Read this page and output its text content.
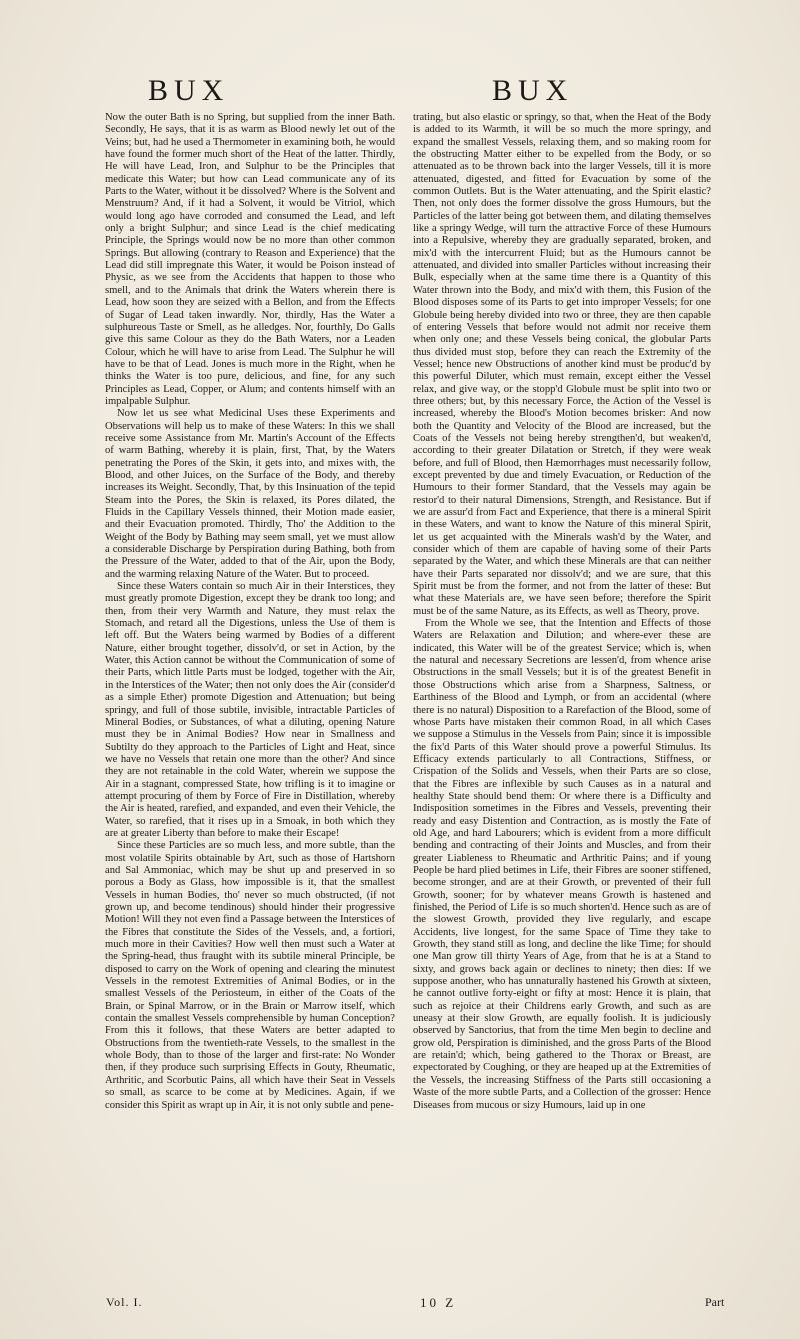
BUX	BUX

Now the outer Bath is no Spring, but supplied from the inner Bath. Secondly, He says, that it is as warm as Blood newly let out of the Veins; but, had he used a Thermometer in examining both, he would have found the former much short of the Heat of the latter. Thirdly, He will have Lead, Iron, and Sulphur to be the Principles that medicate this Water; but how can Lead communicate any of its Parts to the Water, without it be dissolved? Where is the Solvent and Menstruum? And, if it had a Solvent, it would be Vitriol, which would long ago have corroded and consumed the Lead, and left only a bright Sulphur; and since Lead is the chief medicating Principle, the Springs would now be no more than other common Springs. But allowing (contrary to Reason and Experience) that the Lead did still impregnate this Water, it would be Poison instead of Physic, as we see from the Accidents that happen to those who smell, and to the Animals that drink the Waters wherein there is Lead, how soon they are seized with a Bellon, and from the Effects of Sugar of Lead taken inwardly. Nor, thirdly, Has the Water a sulphureous Taste or Smell, as he alledges. Nor, fourthly, Do Galls give this same Colour as they do the Bath Waters, nor a Leaden Colour, which he will have to arise from Lead. The Sulphur he will have to be that of Lead. Jones is much more in the Right, when he thinks the Water is too pure, delicious, and fine, for any such Principles as Lead, Copper, or Alum; and contents himself with an impalpable Sulphur.

Now let us see what Medicinal Uses these Experiments and Observations will help us to make of these Waters: In this we shall receive some Assistance from Mr. Martin's Account of the Effects of warm Bathing, whereby it is plain, first, That, by the Waters penetrating the Pores of the Skin, it gets into, and mixes with, the Blood, and other Juices, on the Surface of the Body, and thereby increases its Weight. Secondly, That, by this Insinuation of the tepid Steam into the Pores, the Skin is relaxed, its Pores dilated, the Fluids in the Capillary Vessels thinned, their Motion made easier, and their Evacuation promoted. Thirdly, Tho' the Addition to the Weight of the Body by Bathing may seem small, yet we must allow a considerable Discharge by Perspiration during Bathing, both from the Pressure of the Water, added to that of the Air, upon the Body, and the warming relaxing Nature of the Water. But to proceed.

Since these Waters contain so much Air in their Interstices, they must greatly promote Digestion, except they be drank too long; and then, from their very Warmth and Nature, they must relax the Stomach, and retard all the Digestions, unless the Use of them is left off. But the Waters being warmed by Bodies of a different Nature, either brought together, dissolv'd, or set in Action, by the Water, this Action cannot be without the Communication of some of their Parts, which little Parts must be lodged, together with the Air, in the Interstices of the Water; then not only does the Air (consider'd as a simple Ether) promote Digestion and Attenuation; but being springy, and full of those subtile, invisible, intractable Particles of Mineral Bodies, or Substances, of what a diluting, opening Nature must they be in Animal Bodies? How near in Smallness and Subtilty do they approach to the Particles of Light and Heat, since we have no Vessels that retain one more than the other? And since they are not retainable in the cold Water, wherein we suppose the Air in a stagnant, compressed State, how trifling is it to imagine or attempt procuring of them by Force of Fire in Distillation, whereby the Air is heated, rarefied, and expanded, and even their Vehicle, the Water, so rarefied, that it rises up in a Smoak, in both which they are at greater Liberty than before to make their Escape!

Since these Particles are so much less, and more subtle, than the most volatile Spirits obtainable by Art, such as those of Hartshorn and Sal Ammoniac, which may be shut up and preserved in so porous a Body as Glass, how impossible is it, that the smallest Vessels in human Bodies, tho' never so much obstructed, (if not grown up, and become tendinous) should hinder their progressive Motion! Will they not even find a Passage between the Interstices of the Fibres that constitute the Sides of the Vessels, and, a fortiori, much more in their Cavities? How well then must such a Water at the Spring-head, thus fraught with its subtile mineral Principle, be disposed to carry on the Work of opening and clearing the minutest Vessels in the remotest Extremities of Animal Bodies, or in the smallest Vessels of the Periosteum, in either of the Coats of the Brain, or Spinal Marrow, or in the Brain or Marrow itself, which contain the smallest Vessels comprehensible by human Conception? From this it follows, that these Waters are better adapted to Obstructions from the twentieth-rate Vessels, to the smallest in the whole Body, than to those of the larger and first-rate: No Wonder then, if they produce such surprising Effects in Gouty, Rheumatic, Arthritic, and Scorbutic Pains, all which have their Seat in Vessels so small, as scarce to be come at by Medicines. Again, if we consider this Spirit as wrapt up in Air, it is not only subtle and pene-

trating, but also elastic or springy, so that, when the Heat of the Body is added to its Warmth, it will be so much the more springy, and expand the smallest Vessels, relaxing them, and so making room for the obstructing Matter either to be expelled from the Body, or so attenuated as to be thrown back into the larger Vessels, till it is more attenuated, digested, and fitted for Evacuation by some of the common Outlets. But is the Water attenuating, and the Spirit elastic? Then, not only does the former dissolve the gross Humours, but the Particles of the latter being got between them, and dilating themselves like a springy Wedge, will turn the attractive Force of these Humours into a Repulsive, whereby they are gradually separated, broken, and mix'd with the intercurrent Fluid; but as the Humours cannot be attenuated, and divided into smaller Particles without increasing their Bulk, especially when at the same time there is a Quantity of this Water thrown into the Body, and mix'd with them, this Fusion of the Blood disposes some of its Parts to get into improper Vessels; for one Globule being hereby divided into two or three, they are then capable of entering Vessels that before would not admit nor receive them when only one; and these Vessels being conical, the globular Parts thus divided must stop, before they can reach the Extremity of the Vessel; hence new Obstructions of another kind must be produc'd by this powerful Diluter, which must remain, except either the Vessel relax, and give way, or the stopp'd Globule must be split into two or three others; but, by this necessary Force, the Action of the Vessel is increased, whereby the Blood's Motion becomes brisker: And now both the Quantity and Velocity of the Blood are increased, but the Coats of the Vessels not being hereby strengthen'd, but weaken'd, according to their greater Dilatation or Stretch, if they were weak before, and full of Blood, then Hæmorrhages must necessarily follow, except prevented by due and timely Evacuation, or Reduction of the Humours to their former Standard, that the Vessels may again be restor'd to their natural Dimensions, Strength, and Resistance. But if we are assur'd from Fact and Experience, that there is a mineral Spirit in these Waters, and want to know the Nature of this mineral Spirit, let us get acquainted with the Minerals wash'd by the Water, and consider which of them are capable of having some of their Parts separated by the Water, and which these Minerals are that can neither have their Parts separated nor dissolv'd; and we are sure, that this Spirit must be from the former, and not from the latter of these: But what these Materials are, we have seen before; therefore the Spirit must be of the same Nature, as its Effects, as well as Theory, prove.

From the Whole we see, that the Intention and Effects of those Waters are Relaxation and Dilution; and where-ever these are indicated, this Water will be of the greatest Service; which is, when the natural and necessary Secretions are lessen'd, from whence arise Obstructions in the small Vessels; but it is of the greatest Benefit in those Obstructions which arise from a Sharpness, Saltness, or Earthiness of the Blood and Lymph, or from an accidental (where there is no natural) Disposition to a Rarefaction of the Blood, some of whose Parts have mistaken their common Road, in all which Cases we suppose a Stimulus in the Vessels from Pain; since it is impossible the fix'd Parts of this Water should prove a powerful Stimulus. Its Efficacy extends particularly to all Contractions, Stiffness, or Crispation of the Solids and Vessels, when their Parts are so close, that the Fibres are inflexible by such Causes as in a natural and healthy State should bend them: Or where there is a Difficulty and Indisposition sometimes in the Fibres and Vessels, preventing their ready and easy Distention and Contraction, as is mostly the Fate of old Age, and hard Labourers; which is evident from a more difficult bending and contracting of their Joints and Muscles, and from their greater Liableness to Rheumatic and Arthritic Pains; and if young People be hard plied betimes in Life, their Fibres are sooner stiffened, become stronger, and are at their Growth, or prevented of their full Growth, sooner; for by whatever means Growth is hastened and finished, the Period of Life is so much shorten'd. Hence such as are of the slowest Growth, provided they live regularly, and escape Accidents, live longest, for the same Space of Time they take to Growth, they stand still as long, and decline the like Time; for should one Man grow till thirty Years of Age, from that he is at a Stand to sixty, and grows back again or declines to ninety; then dies: If we suppose another, who has unnaturally hastened his Growth at sixteen, he cannot outlive forty-eight or fifty at most: Hence it is plain, that such as rejoice at their Childrens early Growth, and such as are uneasy at their slow Growth, are equally foolish. It is judiciously observed by Sanctorius, that from the time Men begin to decline and grow old, Perspiration is diminished, and the gross Parts of the Blood are retain'd; which, being gathered to the Thorax or Breast, are expectorated by Coughing, or they are heaped up at the Extremities of the Vessels, the increasing Stiffness of the Parts still occasioning a Waste of the more subtle Parts, and a Collection of the grosser: Hence Diseases from mucous or sizy Humours, laid up in one

Vol. I.	10 Z	Part
